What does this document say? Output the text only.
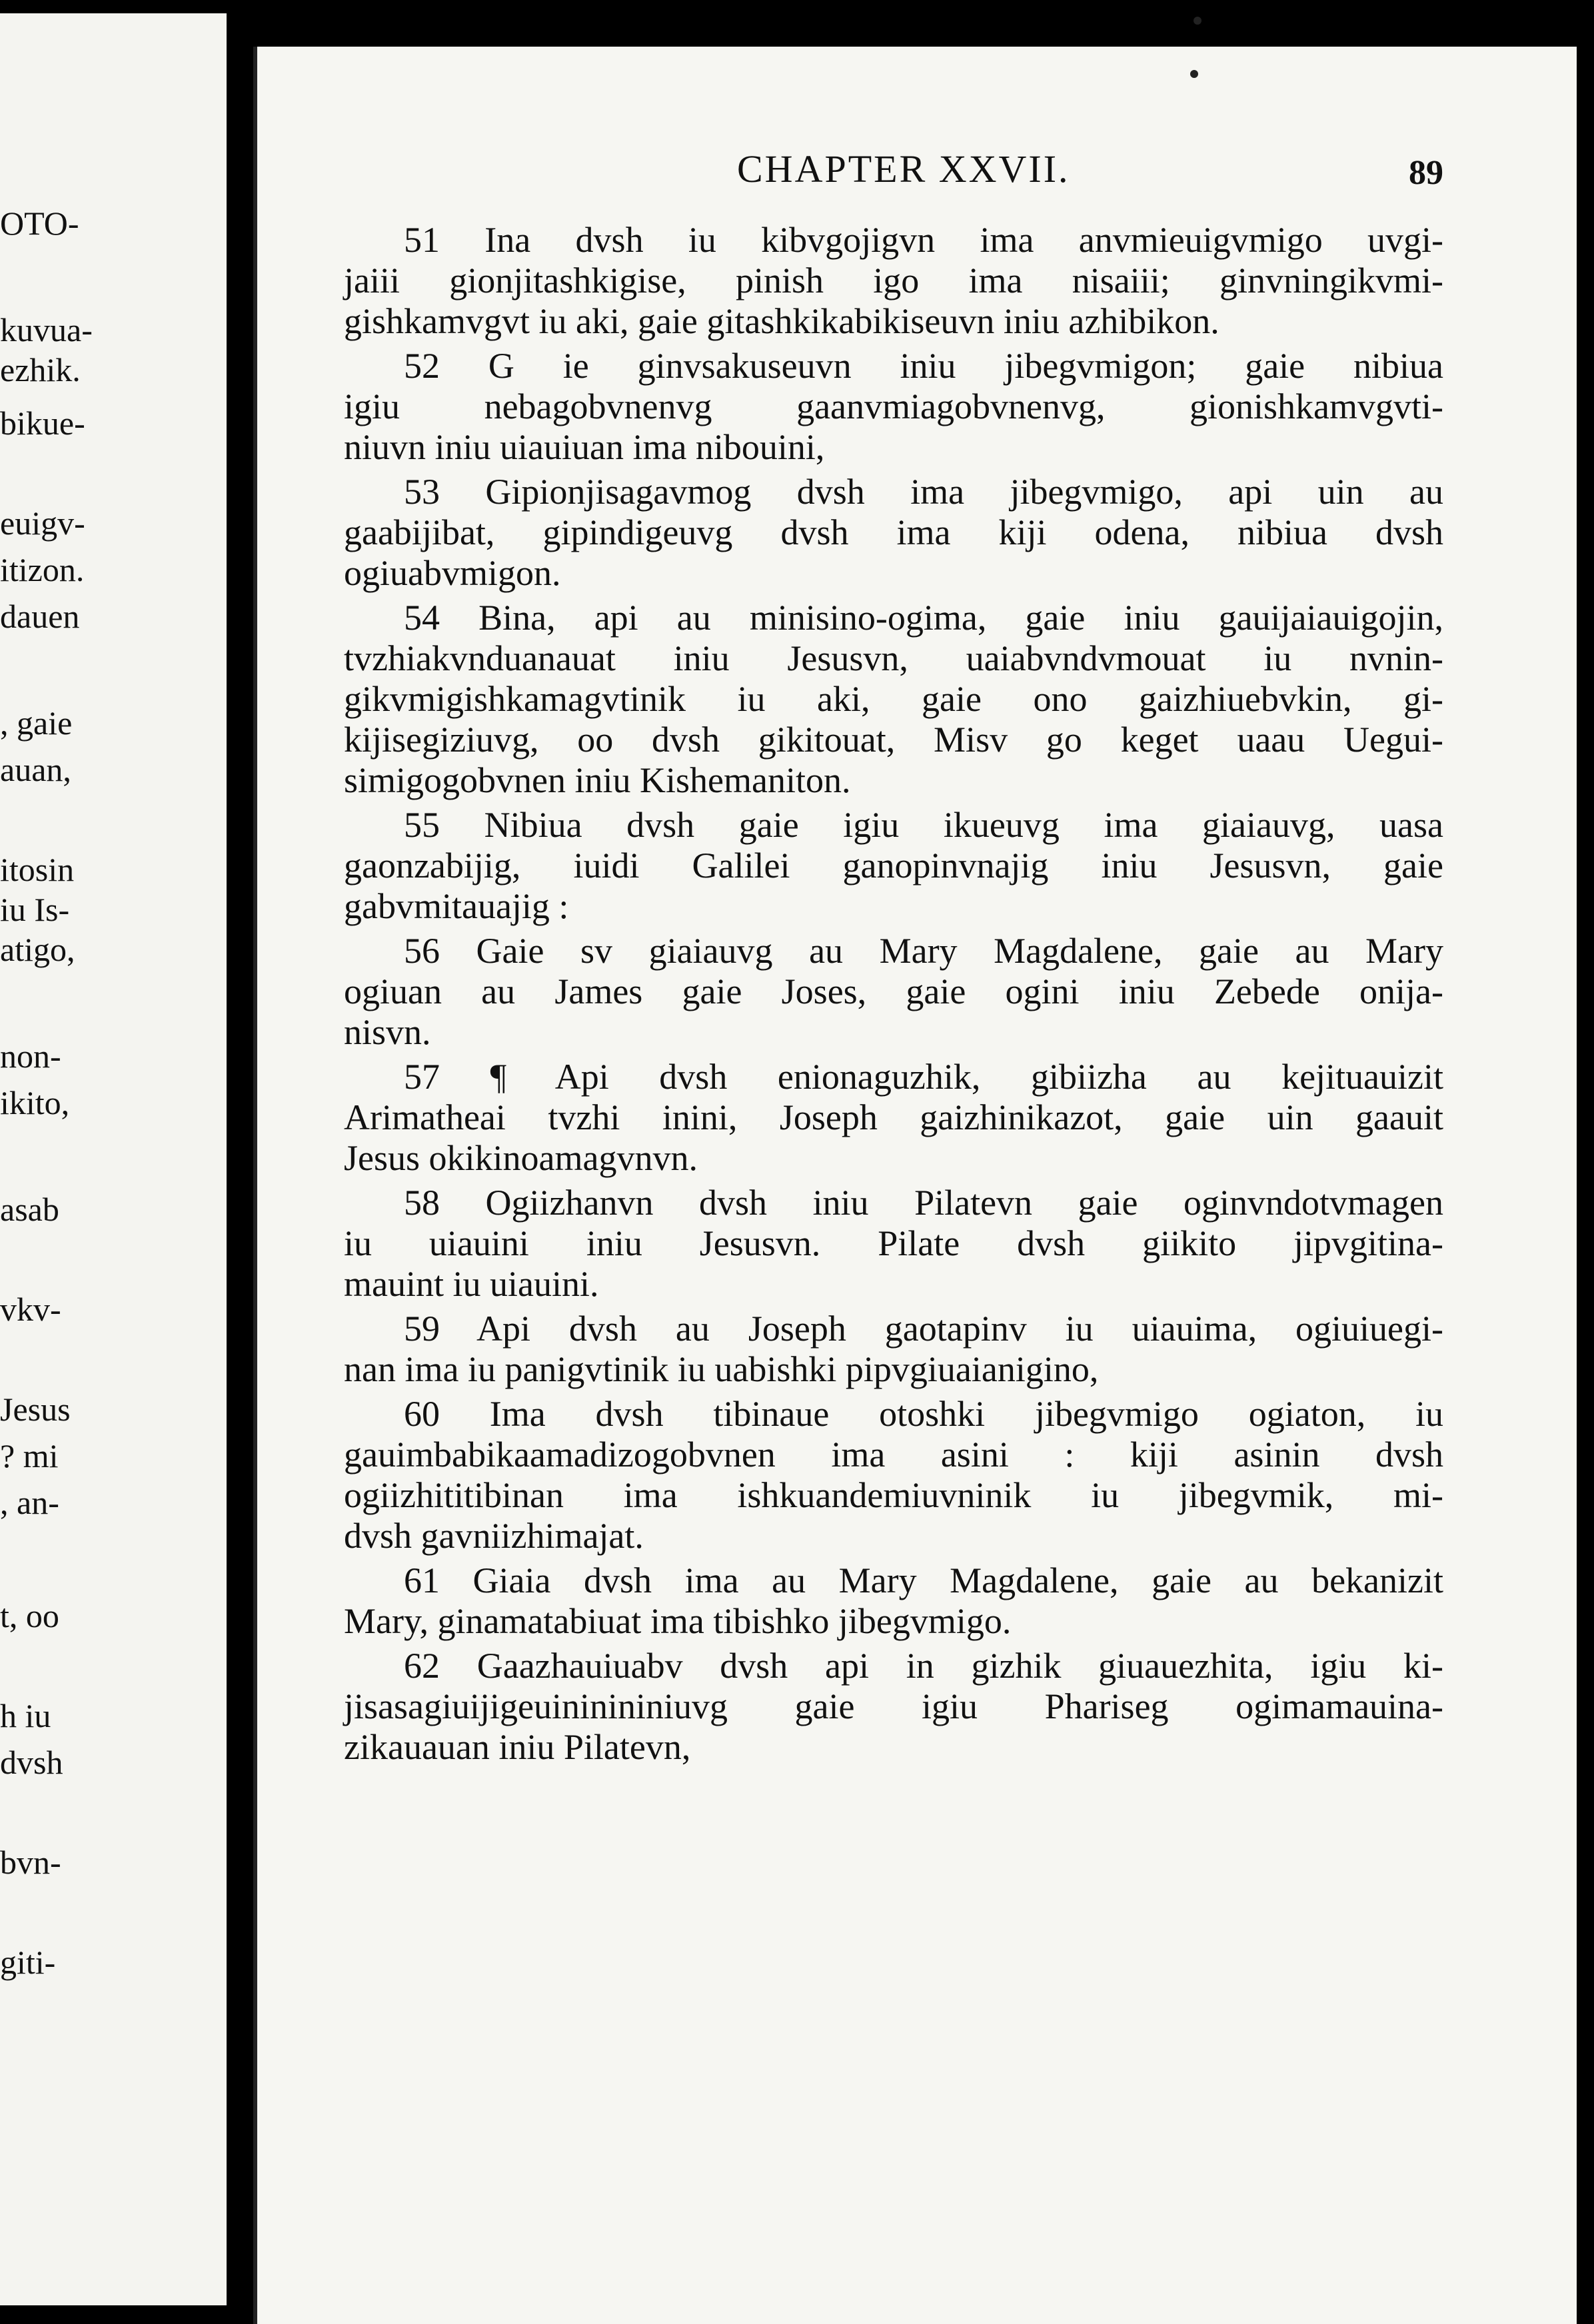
OTO-
kuvua-
ezhik.
bikue-
euigv-
itizon.
dauen
, gaie
auan,
itosin
iu Is-
atigo,
non-
ikito,
asab
vkv-
Jesus
? mi
, an-
t, oo
h iu
dvsh
bvn-
giti-
CHAPTER XXVII.	89
51 Ina dvsh iu kibvgojigvn ima anvmieuigvmigo uvgi-
jaiii gionjitashkigise, pinish igo ima nisaiii; ginvningikvmi-
gishkamvgvt iu aki, gaie gitashkikabikiseuvn iniu azhibikon.
52 G ie ginvsakuseuvn iniu jibegvmigon; gaie nibiua
igiu nebagobvnenvg gaanvmiagobvnenvg, gionishkamvgvti-
niuvn iniu uiauiuan ima nibouini,
53 Gipionjisagavmog dvsh ima jibegvmigo, api uin au
gaabijibat, gipindigeuvg dvsh ima kiji odena, nibiua dvsh
ogiuabvmigon.
54 Bina, api au minisino-ogima, gaie iniu gauijaiauigojin,
tvzhiakvnduanauat iniu Jesusvn, uaiabvndvmouat iu nvnin-
gikvmigishkamagvtinik iu aki, gaie ono gaizhiuebvkin, gi-
kijisegiziuvg, oo dvsh gikitouat, Misv go keget uaau Uegui-
simigogobvnen iniu Kishemaniton.
55 Nibiua dvsh gaie igiu ikueuvg ima giaiauvg, uasa
gaonzabijig, iuidi Galilei ganopinvnajig iniu Jesusvn, gaie
gabvmitauajig :
56 Gaie sv giaiauvg au Mary Magdalene, gaie au Mary
ogiuan au James gaie Joses, gaie ogini iniu Zebede onija-
nisvn.
57 ¶ Api dvsh enionaguzhik, gibiizha au kejituauizit
Arimatheai tvzhi inini, Joseph gaizhinikazot, gaie uin gaauit
Jesus okikinoamagvnvn.
58 Ogiizhanvn dvsh iniu Pilatevn gaie oginvndotvmagen
iu uiauini iniu Jesusvn. Pilate dvsh giikito jipvgitina-
mauint iu uiauini.
59 Api dvsh au Joseph gaotapinv iu uiauima, ogiuiuegi-
nan ima iu panigvtinik iu uabishki pipvgiuaianigino,
60 Ima dvsh tibinaue otoshki jibegvmigo ogiaton, iu
gauimbabikaamadizogobvnen ima asini : kiji asinin dvsh
ogiizhititibinan ima ishkuandemiuvninik iu jibegvmik, mi-
dvsh gavniizhimajat.
61 Giaia dvsh ima au Mary Magdalene, gaie au bekanizit
Mary, ginamatabiuat ima tibishko jibegvmigo.
62 Gaazhauiuabv dvsh api in gizhik giuauezhita, igiu ki-
jisasagiuijigeuininininiuvg gaie igiu Phariseg ogimamauina-
zikauauan iniu Pilatevn,
